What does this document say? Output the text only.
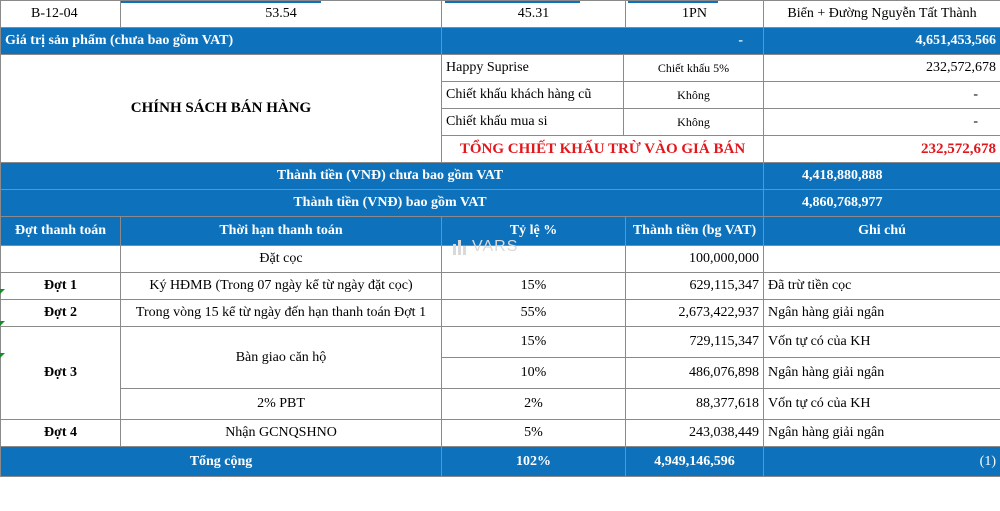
B-12-04	53.54	45.31		1PN	Biển + Đường Nguyễn Tất Thành
Giá trị sản phẩm (chưa bao gồm VAT)		-			4,651,453,566
CHÍNH SÁCH BÁN HÀNG		Happy Suprise	Chiết khấu 5%		232,572,678
		Chiết khấu khách hàng cũ	Không		-
		Chiết khấu mua si	Không		-
		TỔNG CHIẾT KHẤU TRỪ VÀO GIÁ BÁN			232,572,678
Thành tiền (VNĐ) chưa bao gồm VAT					4,418,880,888
Thành tiền (VNĐ) bao gồm VAT					4,860,768,977
Đợt thanh toán	Thời hạn thanh toán	Tỷ lệ %		Thành tiền (bg VAT)	Ghi chú
	Đặt cọc			100,000,000	
Đợt 1	Ký HĐMB (Trong 07 ngày kể từ ngày đặt cọc)	15%		629,115,347	Đã trừ tiền cọc
Đợt 2	Trong vòng 15 kể từ ngày đến hạn thanh toán Đợt 1	55%		2,673,422,937	Ngân hàng giải ngân
Đợt 3	Bàn giao căn hộ	15%		729,115,347	Vốn tự có của KH
		10%		486,076,898	Ngân hàng giải ngân
	2% PBT	2%		88,377,618	Vốn tự có của KH
Đợt 4	Nhận GCNQSHNO	5%		243,038,449	Ngân hàng giải ngân
Tổng cộng		102%		4,949,146,596	(1)
VARS
